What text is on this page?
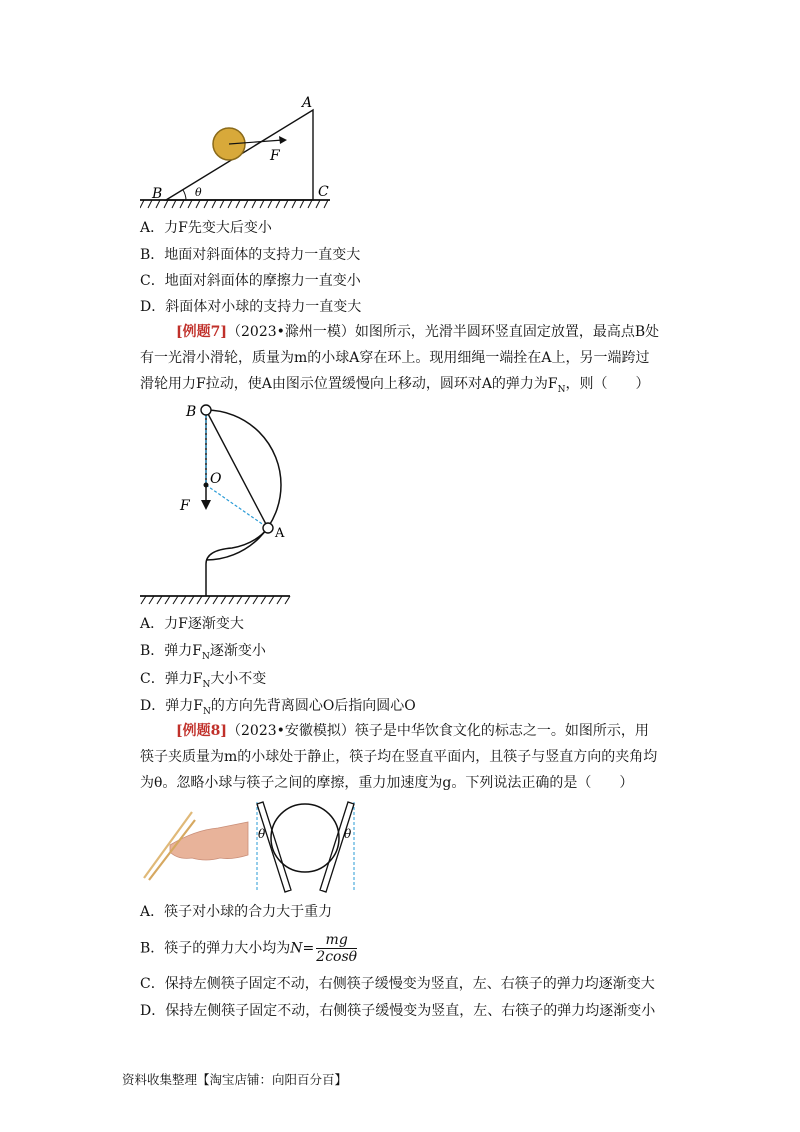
A
B	C
F
θ
A．力F先变大后变小
B．地面对斜面体的支持力一直变大
C．地面对斜面体的摩擦力一直变小
D．斜面体对小球的支持力一直变大
[例题7]（2023•滁州一模）如图所示，光滑半圆环竖直固定放置，最高点B处有一光滑小滑轮，质量为m的小球A穿在环上。现用细绳一端拴在A上，另一端跨过滑轮用力F拉动，使A由图示位置缓慢向上移动，圆环对A的弹力为$F_N$，则（　　）
B
O
F
A
A．力F逐渐变大
B．弹力$F_N$逐渐变小
C．弹力$F_N$大小不变
D．弹力$F_N$的方向先背离圆心O后指向圆心O
[例题8]（2023•安徽模拟）筷子是中华饮食文化的标志之一。如图所示，用筷子夹质量为m的小球处于静止，筷子均在竖直平面内，且筷子与竖直方向的夹角均为θ。忽略小球与筷子之间的摩擦，重力加速度为g。下列说法正确的是（　　）
θ	θ
A．筷子对小球的合力大于重力
B．筷子的弹力大小均为$N= \frac{mg}{2\cos\theta}$
C．保持左侧筷子固定不动，右侧筷子缓慢变为竖直，左、右筷子的弹力均逐渐变大
D．保持左侧筷子固定不动，右侧筷子缓慢变为竖直，左、右筷子的弹力均逐渐变小
资料收集整理【淘宝店铺：向阳百分百】
